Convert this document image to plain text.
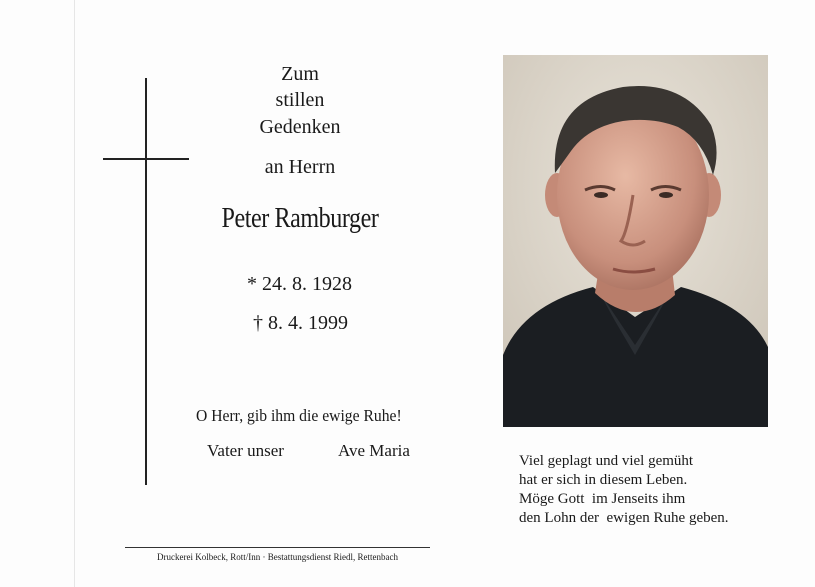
Zum
stillen
Gedenken
an Herrn
Peter Ramburger
* 24. 8. 1928
† 8. 4. 1999
O Herr, gib ihm die ewige Ruhe!
Vater unser	Ave Maria
Druckerei Kolbeck, Rott/Inn · Bestattungsdienst Riedl, Rettenbach
Viel geplagt und viel gemüht
hat er sich in diesem Leben.
Möge Gott  im Jenseits ihm
den Lohn der  ewigen Ruhe geben.
